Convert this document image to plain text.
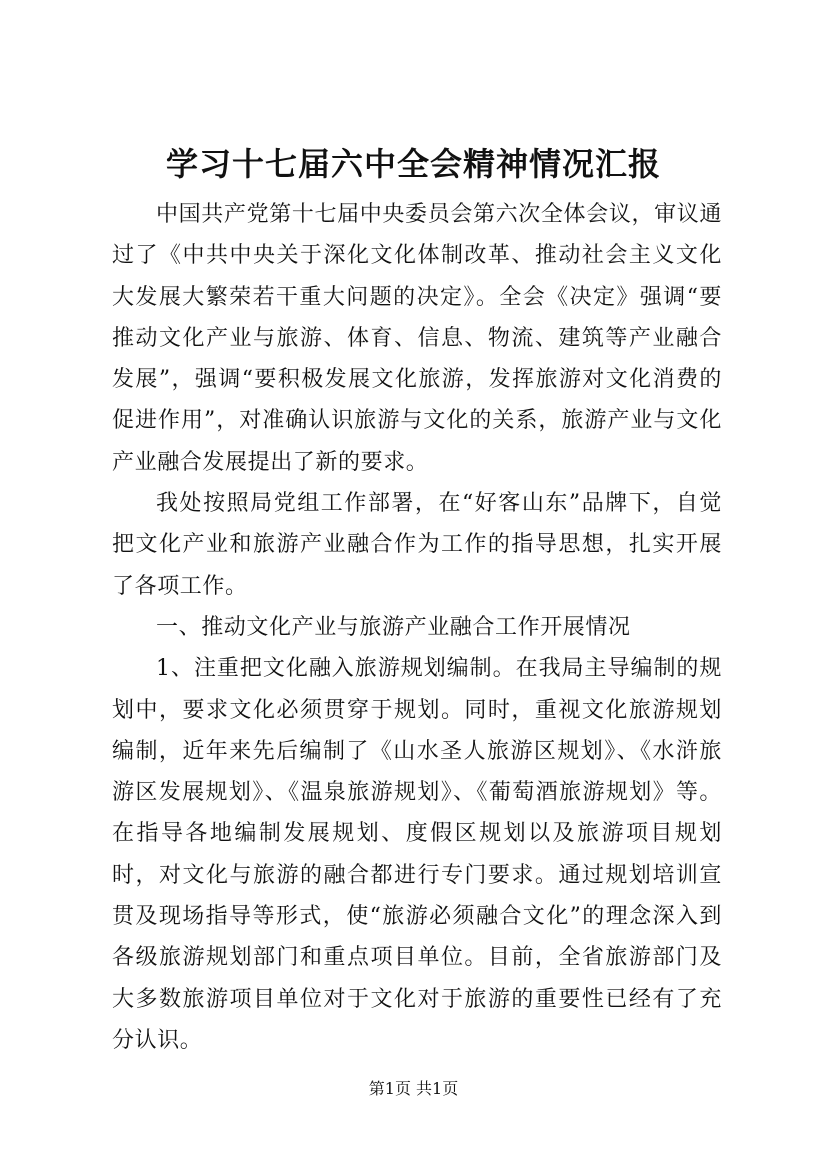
学习十七届六中全会精神情况汇报

中国共产党第十七届中央委员会第六次全体会议，审议通过了《中共中央关于深化文化体制改革、推动社会主义文化大发展大繁荣若干重大问题的决定》。全会《决定》强调“要推动文化产业与旅游、体育、信息、物流、建筑等产业融合发展”，强调“要积极发展文化旅游，发挥旅游对文化消费的促进作用”，对准确认识旅游与文化的关系，旅游产业与文化产业融合发展提出了新的要求。

我处按照局党组工作部署，在“好客山东”品牌下，自觉把文化产业和旅游产业融合作为工作的指导思想，扎实开展了各项工作。

一、推动文化产业与旅游产业融合工作开展情况

1、注重把文化融入旅游规划编制。在我局主导编制的规划中，要求文化必须贯穿于规划。同时，重视文化旅游规划编制，近年来先后编制了《山水圣人旅游区规划》、《水浒旅游区发展规划》、《温泉旅游规划》、《葡萄酒旅游规划》等。在指导各地编制发展规划、度假区规划以及旅游项目规划时，对文化与旅游的融合都进行专门要求。通过规划培训宣贯及现场指导等形式，使“旅游必须融合文化”的理念深入到各级旅游规划部门和重点项目单位。目前，全省旅游部门及大多数旅游项目单位对于文化对于旅游的重要性已经有了充分认识。

第1页 共1页
